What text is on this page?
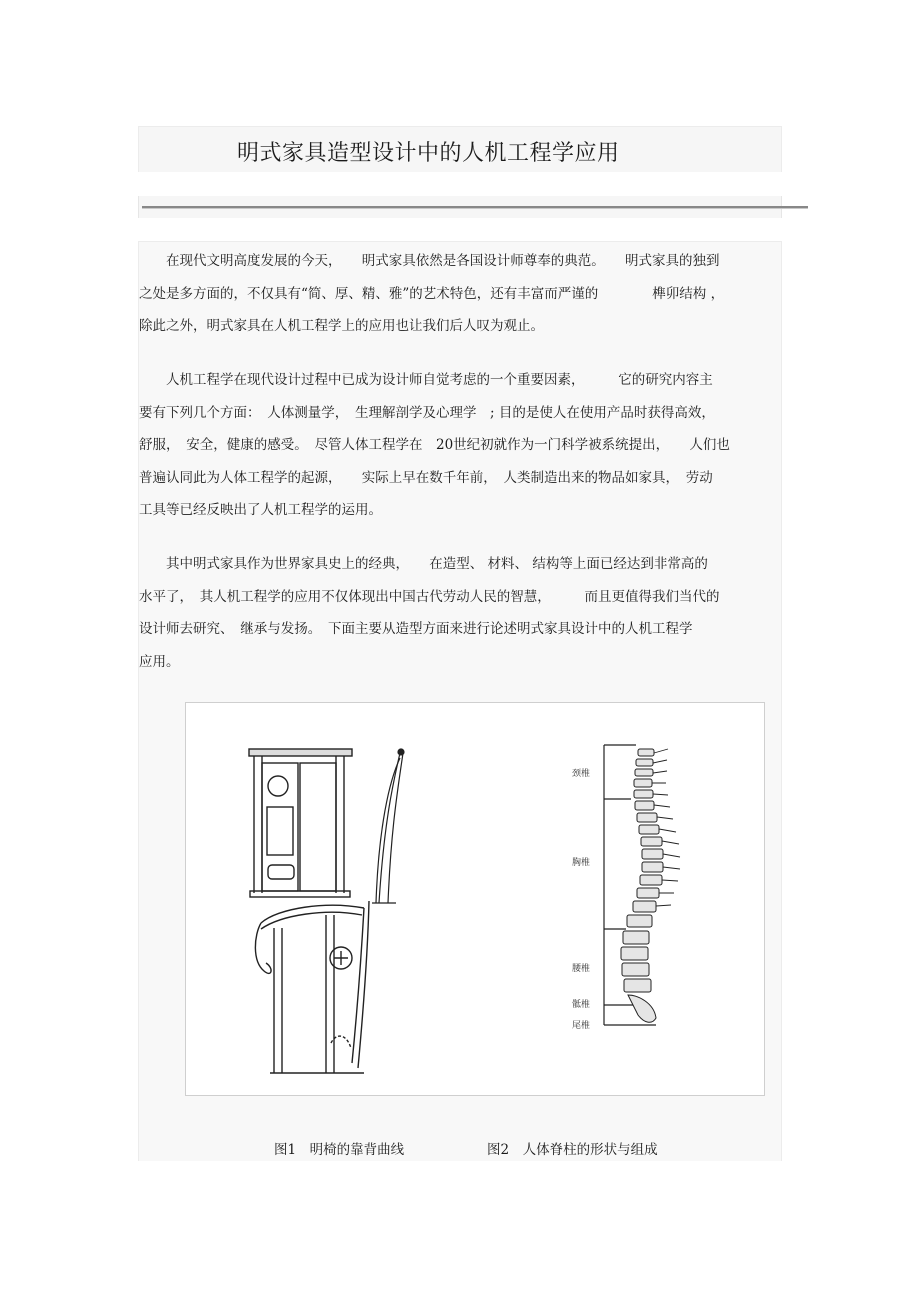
明式家具造型设计中的人机工程学应用

　　在现代文明高度发展的今天，　　明式家具依然是各国设计师尊奉的典范。　　明式家具的独到
之处是多方面的，不仅具有“简、厚、精、雅”的艺术特色，还有丰富而严谨的　　　　榫卯结构 ，
除此之外，明式家具在人机工程学上的应用也让我们后人叹为观止。

　　人机工程学在现代设计过程中已成为设计师自觉考虑的一个重要因素，　　　它的研究内容主
要有下列几个方面：　人体测量学，　生理解剖学及心理学　; 目的是使人在使用产品时获得高效，
舒服，　安全，健康的感受。　尽管人体工程学在　20世纪初就作为一门科学被系统提出，　　人们也
普遍认同此为人体工程学的起源，　　实际上早在数千年前，　人类制造出来的物品如家具，　劳动
工具等已经反映出了人机工程学的运用。

　　其中明式家具作为世界家具史上的经典，　　在造型、 材料、 结构等上面已经达到非常高的
水平了，　其人机工程学的应用不仅体现出中国古代劳动人民的智慧，　　　而且更值得我们当代的
设计师去研究、　继承与发扬。　下面主要从造型方面来进行论述明式家具设计中的人机工程学
应用。

颈椎
胸椎
腰椎
骶椎
尾椎

图1　明椅的靠背曲线	图2　人体脊柱的形状与组成
